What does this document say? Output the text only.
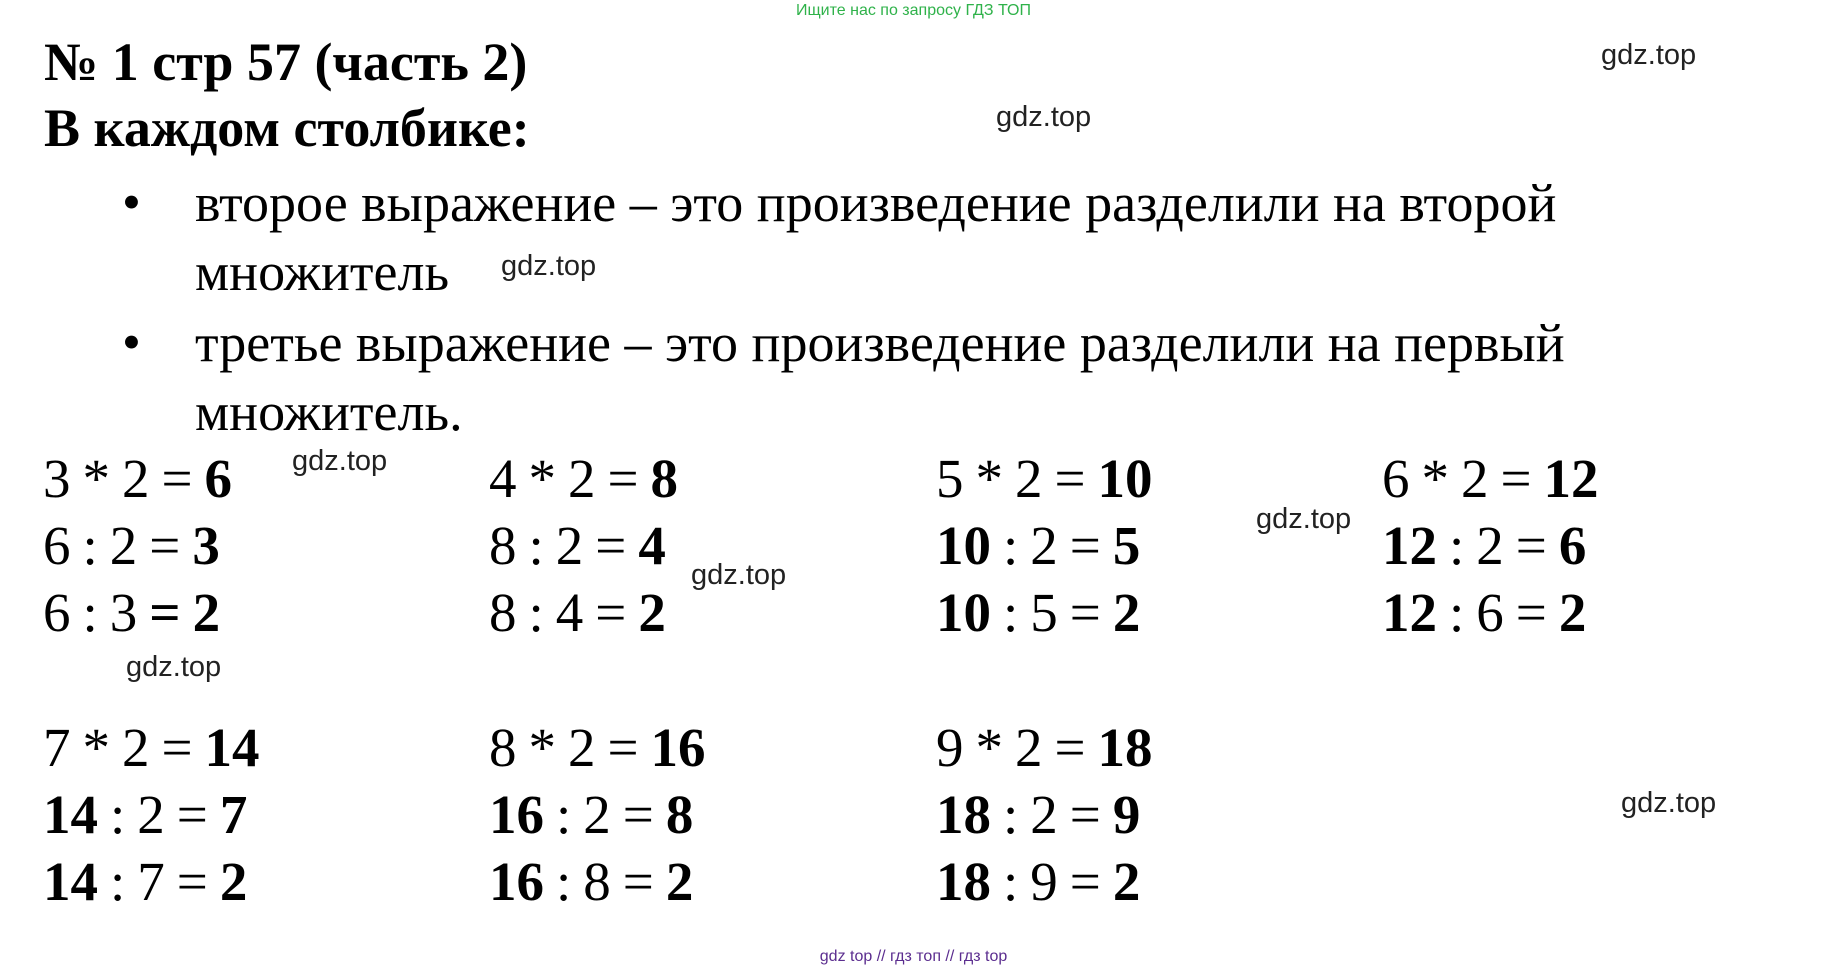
Ищите нас по запросу ГДЗ ТОП
№ 1 стр 57 (часть 2)
В каждом столбике:
• второе выражение – это произведение разделили на второй множитель
• третье выражение – это произведение разделили на первый множитель.
gdz.top
gdz.top
gdz.top
gdz.top
gdz.top
gdz.top
gdz.top
gdz.top
3 * 2 = 6
6 : 2 = 3
6 : 3 = 2
4 * 2 = 8
8 : 2 = 4
8 : 4 = 2
5 * 2 = 10
10 : 2 = 5
10 : 5 = 2
6 * 2 = 12
12 : 2 = 6
12 : 6 = 2
7 * 2 = 14
14 : 2 = 7
14 : 7 = 2
8 * 2 = 16
16 : 2 = 8
16 : 8 = 2
9 * 2 = 18
18 : 2 = 9
18 : 9 = 2
gdz top // гдз топ // гдз top
